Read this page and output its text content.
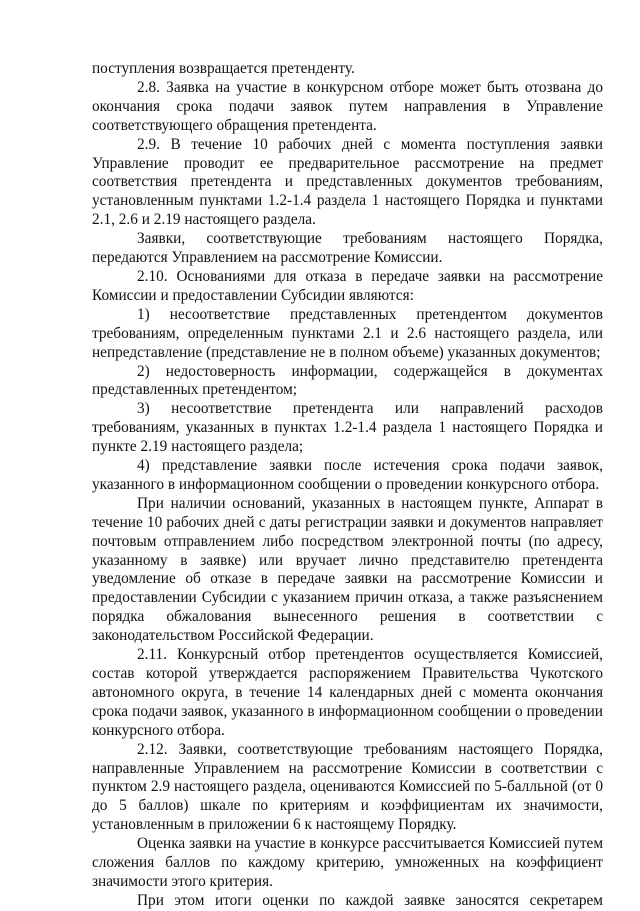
поступления возвращается претенденту.

2.8. Заявка на участие в конкурсном отборе может быть отозвана до окончания срока подачи заявок путем направления в Управление соответствующего обращения претендента.

2.9. В течение 10 рабочих дней с момента поступления заявки Управление проводит ее предварительное рассмотрение на предмет соответствия претендента и представленных документов требованиям, установленным пунктами 1.2-1.4 раздела 1 настоящего Порядка и пунктами 2.1, 2.6 и 2.19 настоящего раздела.

Заявки, соответствующие требованиям настоящего Порядка, передаются Управлением на рассмотрение Комиссии.

2.10. Основаниями для отказа в передаче заявки на рассмотрение Комиссии и предоставлении Субсидии являются:

1) несоответствие представленных претендентом документов требованиям, определенным пунктами 2.1 и 2.6 настоящего раздела, или непредставление (представление не в полном объеме) указанных документов;

2) недостоверность информации, содержащейся в документах представленных претендентом;

3) несоответствие претендента или направлений расходов требованиям, указанных в пунктах 1.2-1.4 раздела 1 настоящего Порядка и пункте 2.19 настоящего раздела;

4) представление заявки после истечения срока подачи заявок, указанного в информационном сообщении о проведении конкурсного отбора.

При наличии оснований, указанных в настоящем пункте, Аппарат в течение 10 рабочих дней с даты регистрации заявки и документов направляет почтовым отправлением либо посредством электронной почты (по адресу, указанному в заявке) или вручает лично представителю претендента уведомление об отказе в передаче заявки на рассмотрение Комиссии и предоставлении Субсидии с указанием причин отказа, а также разъяснением порядка обжалования вынесенного решения в соответствии с законодательством Российской Федерации.

2.11. Конкурсный отбор претендентов осуществляется Комиссией, состав которой утверждается распоряжением Правительства Чукотского автономного округа, в течение 14 календарных дней с момента окончания срока подачи заявок, указанного в информационном сообщении о проведении конкурсного отбора.

2.12. Заявки, соответствующие требованиям настоящего Порядка, направленные Управлением на рассмотрение Комиссии в соответствии с пунктом 2.9 настоящего раздела, оцениваются Комиссией по 5-балльной (от 0 до 5 баллов) шкале по критериям и коэффициентам их значимости, установленным в приложении 6 к настоящему Порядку.

Оценка заявки на участие в конкурсе рассчитывается Комиссией путем сложения баллов по каждому критерию, умноженных на коэффициент значимости этого критерия.

При этом итоги оценки по каждой заявке заносятся секретарем
